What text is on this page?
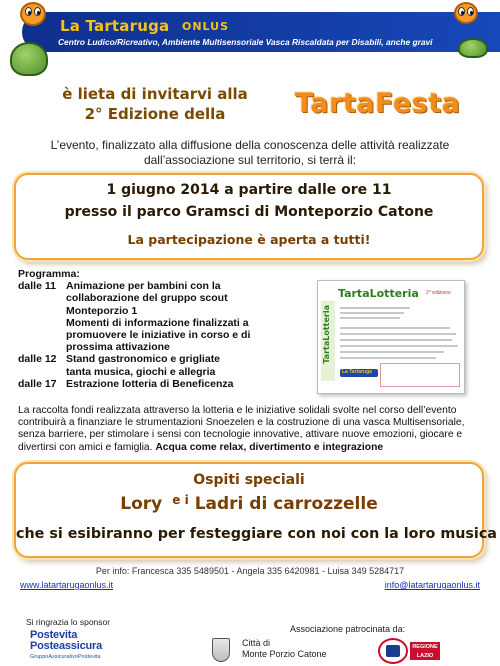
La Tartaruga ONLUS
Centro Ludico/Ricreativo, Ambiente Multisensoriale Vasca Riscaldata per Disabili, anche gravi
è lieta di invitarvi alla
2° Edizione della	TartaFesta

L’evento, finalizzato alla diffusione della conoscenza delle attività realizzate dall’associazione sul territorio, si terrà il:

1 giugno 2014 a partire dalle ore 11
presso il parco Gramsci di Monteporzio Catone
La partecipazione è aperta a tutti!
Programma:
dalle 11 Animazione per bambini con la collaborazione del gruppo scout Monteporzio 1
Momenti di informazione finalizzati a promuovere le iniziative in corso e di prossima attivazione
dalle 12 Stand gastronomico e grigliate tanta musica, giochi e allegria
dalle 17 Estrazione lotteria di Beneficenza
TartaLotteria 2° edizione
TartaLotteria
La Tartaruga

La raccolta fondi realizzata attraverso la lotteria e le iniziative solidali svolte nel corso dell’evento contribuirà a finanziare le strumentazioni Snoezelen e la costruzione di una vasca Multisensoriale, senza barriere, per stimolare i sensi con tecnologie innovative, attivare nuove emozioni, giocare e divertirsi con amici e famiglia. Acqua come relax, divertimento e integrazione

Ospiti speciali
Lory $^{e i}$ Ladri di carrozzelle
che si esibiranno per festeggiare con noi con la loro musica
Per info: Francesca 335 5489501 - Angela 335 6420981 - Luisa 349 5284717
www.latartarugaonlus.it	info@latartarugaonlus.it
Si ringrazia lo sponsor
Postevita
Posteassicura
GruppoAssicurativoPostevita
Associazione patrocinata da:
Città di
Monte Porzio Catone
REGIONE LAZIO
